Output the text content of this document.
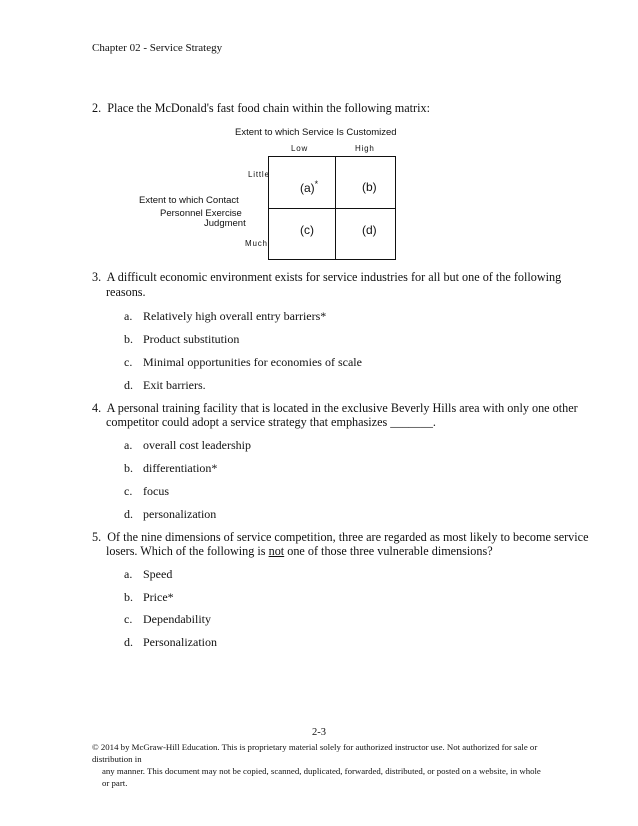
Chapter 02 - Service Strategy
2. Place the McDonald's fast food chain within the following matrix:
Extent to which Service Is Customized
Low	High
Little
Much
Extent to which Contact
Personnel Exercise
Judgment
(a)*	(b)
(c)	(d)
3. A difficult economic environment exists for service industries for all but one of the following
reasons.
a. Relatively high overall entry barriers*
b. Product substitution
c. Minimal opportunities for economies of scale
d. Exit barriers.
4. A personal training facility that is located in the exclusive Beverly Hills area with only one other
competitor could adopt a service strategy that emphasizes _______.
a. overall cost leadership
b. differentiation*
c. focus
d. personalization
5. Of the nine dimensions of service competition, three are regarded as most likely to become service
losers. Which of the following is not one of those three vulnerable dimensions?
a. Speed
b. Price*
c. Dependability
d. Personalization
2-3
© 2014 by McGraw-Hill Education. This is proprietary material solely for authorized instructor use. Not authorized for sale or distribution in
any manner. This document may not be copied, scanned, duplicated, forwarded, distributed, or posted on a website, in whole or part.
